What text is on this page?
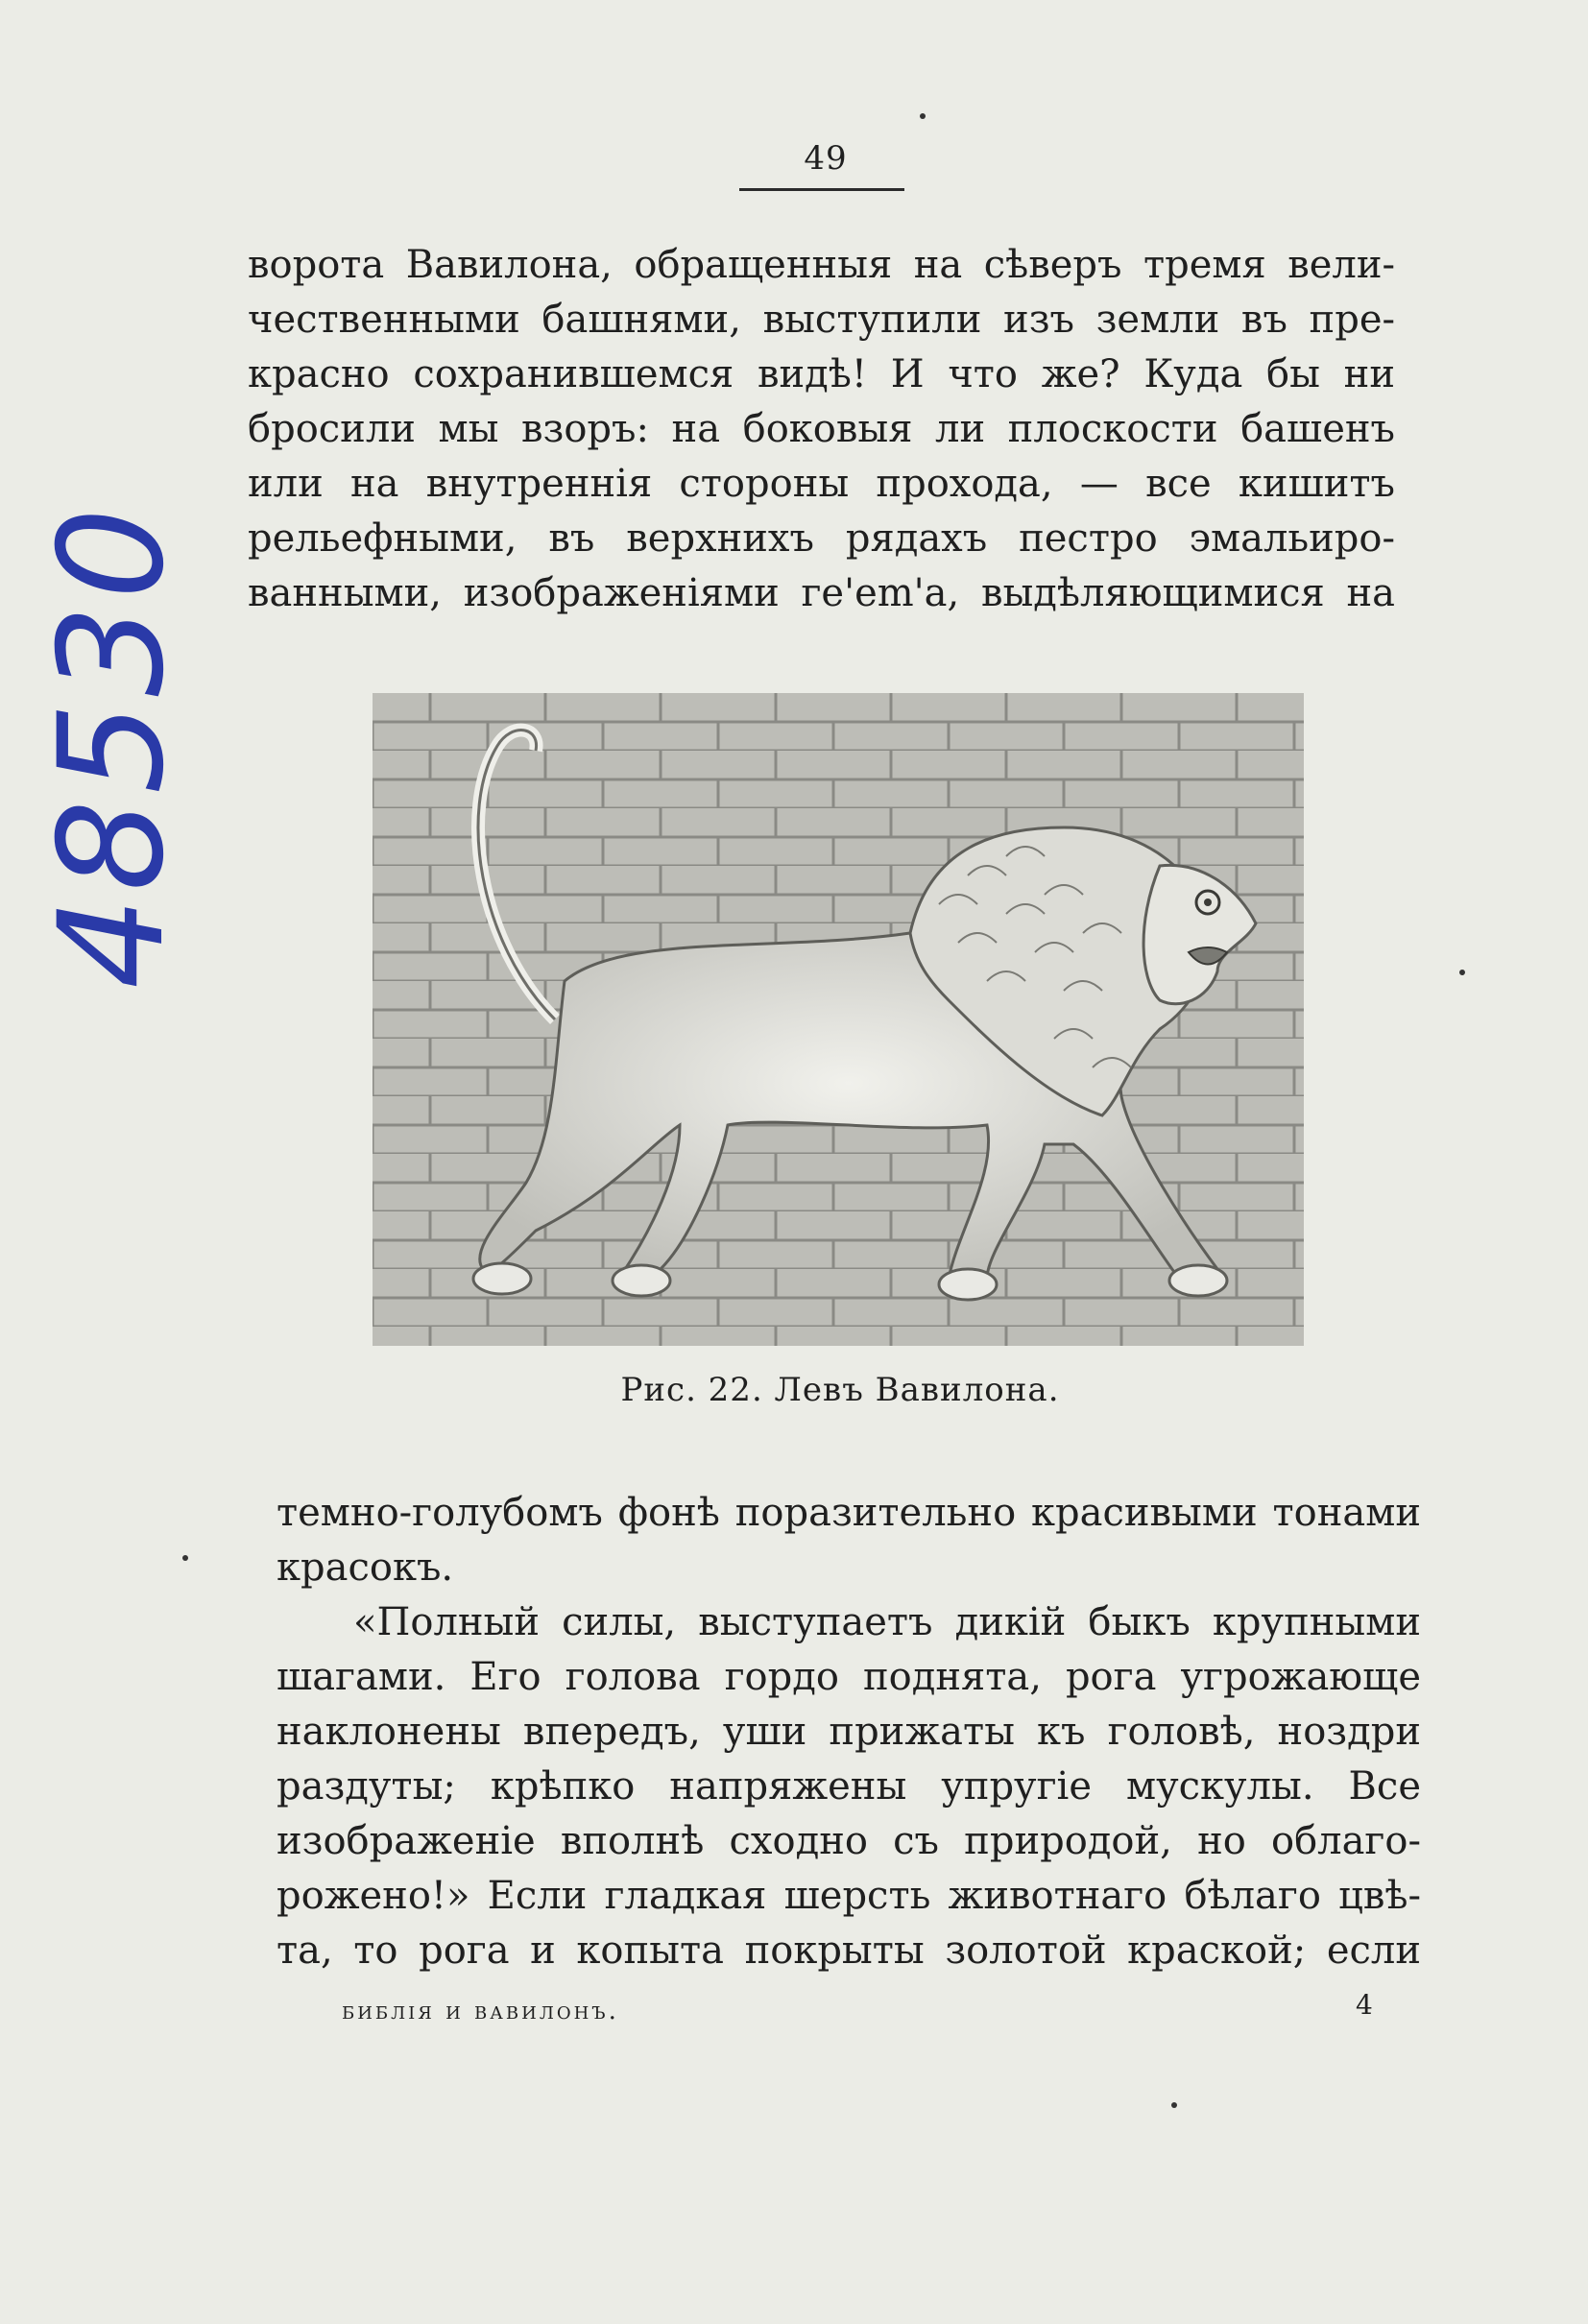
49
ворота Вавилона, обращенныя на сѣверъ тремя вели-
чественными башнями, выступили изъ земли въ пре-
красно сохранившемся видѣ! И что же? Куда бы ни
бросили мы взоръ: на боковыя ли плоскости башенъ
или на внутреннія стороны прохода, — все кишитъ
рельефными, въ верхнихъ рядахъ пестро эмальиро-
ванными, изображеніями ге'em'a, выдѣляющимися на
Рис. 22. Левъ Вавилона.
темно-голубомъ фонѣ поразительно красивыми тонами
красокъ.
«Полный силы, выступаетъ дикій быкъ крупными
шагами. Его голова гордо поднята, рога угрожающе
наклонены впередъ, уши прижаты къ головѣ, ноздри
раздуты; крѣпко напряжены упругіе мускулы. Все
изображеніе вполнѣ сходно съ природой, но облаго-
рожено!» Если гладкая шерсть животнаго бѣлаго цвѣ-
та, то рога и копыта покрыты золотой краской; если
библія и вавилонъ.	4
48530
